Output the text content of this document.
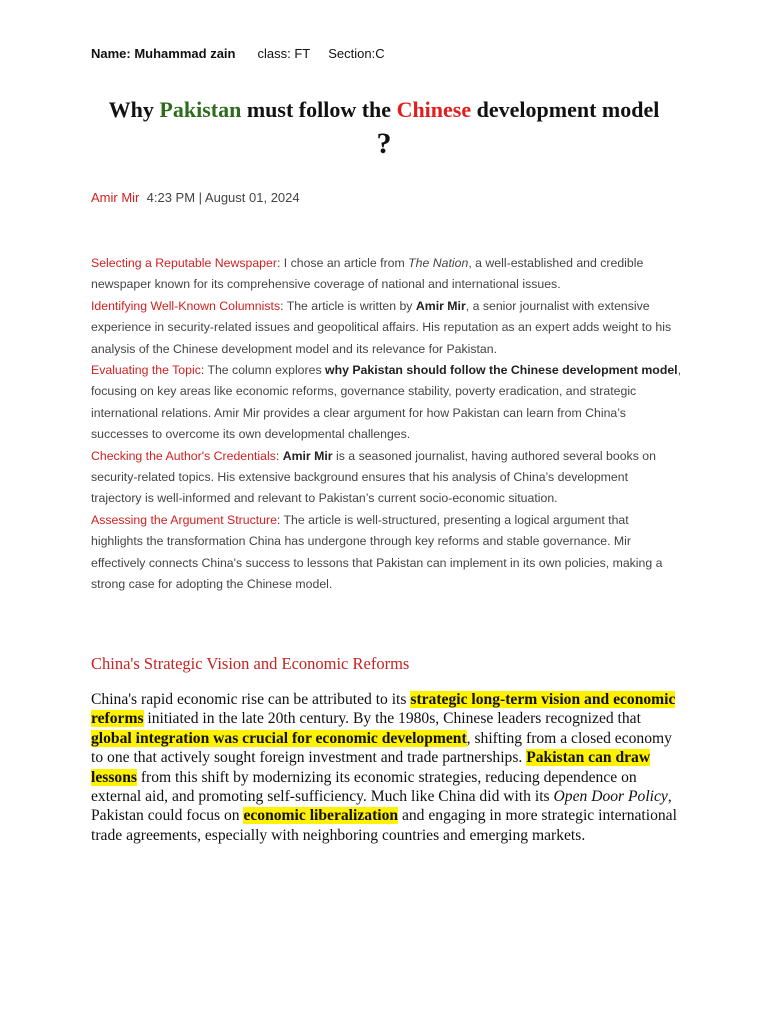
Name: Muhammad zain class: FT Section:C
Why Pakistan must follow the Chinese development model
?
Amir Mir 4:23 PM | August 01, 2024

Selecting a Reputable Newspaper: I chose an article from The Nation, a well-established and credible newspaper known for its comprehensive coverage of national and international issues.

Identifying Well-Known Columnists: The article is written by Amir Mir, a senior journalist with extensive experience in security-related issues and geopolitical affairs. His reputation as an expert adds weight to his analysis of the Chinese development model and its relevance for Pakistan.

Evaluating the Topic: The column explores why Pakistan should follow the Chinese development model, focusing on key areas like economic reforms, governance stability, poverty eradication, and strategic international relations. Amir Mir provides a clear argument for how Pakistan can learn from China’s successes to overcome its own developmental challenges.

Checking the Author's Credentials: Amir Mir is a seasoned journalist, having authored several books on security-related topics. His extensive background ensures that his analysis of China’s development trajectory is well-informed and relevant to Pakistan’s current socio-economic situation.

Assessing the Argument Structure: The article is well-structured, presenting a logical argument that highlights the transformation China has undergone through key reforms and stable governance. Mir effectively connects China's success to lessons that Pakistan can implement in its own policies, making a strong case for adopting the Chinese model.

China's Strategic Vision and Economic Reforms

China's rapid economic rise can be attributed to its strategic long-term vision and economic reforms initiated in the late 20th century. By the 1980s, Chinese leaders recognized that global integration was crucial for economic development, shifting from a closed economy to one that actively sought foreign investment and trade partnerships. Pakistan can draw lessons from this shift by modernizing its economic strategies, reducing dependence on external aid, and promoting self-sufficiency. Much like China did with its Open Door Policy, Pakistan could focus on economic liberalization and engaging in more strategic international trade agreements, especially with neighboring countries and emerging markets.
